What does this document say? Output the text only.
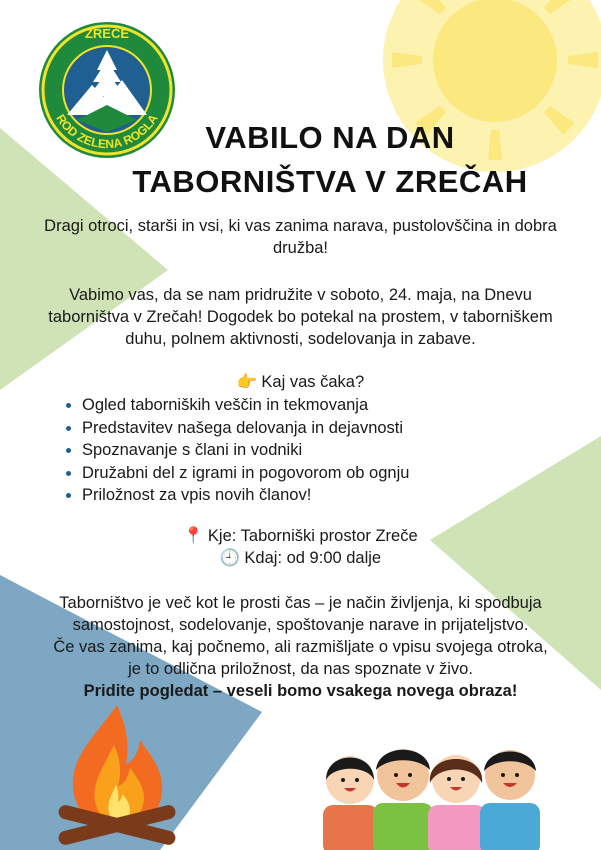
ZREČE
ROD ZELENA ROGLA
VABILO NA DAN
TABORNIŠTVA V ZREČAH
Dragi otroci, starši in vsi, ki vas zanima narava, pustolovščina in dobra družba!
Vabimo vas, da se nam pridružite v soboto, 24. maja, na Dnevu taborništva v Zrečah! Dogodek bo potekal na prostem, v taborniškem duhu, polnem aktivnosti, sodelovanja in zabave.
👉 Kaj vas čaka?
• Ogled taborniških veščin in tekmovanja
• Predstavitev našega delovanja in dejavnosti
• Spoznavanje s člani in vodniki
• Družabni del z igrami in pogovorom ob ognju
• Priložnost za vpis novih članov!
📍 Kje: Taborniški prostor Zreče
🕘 Kdaj: od 9:00 dalje
Taborništvo je več kot le prosti čas – je način življenja, ki spodbuja
samostojnost, sodelovanje, spoštovanje narave in prijateljstvo.
Če vas zanima, kaj počnemo, ali razmišljate o vpisu svojega otroka,
je to odlična priložnost, da nas spoznate v živo.
Pridite pogledat – veseli bomo vsakega novega obraza!
